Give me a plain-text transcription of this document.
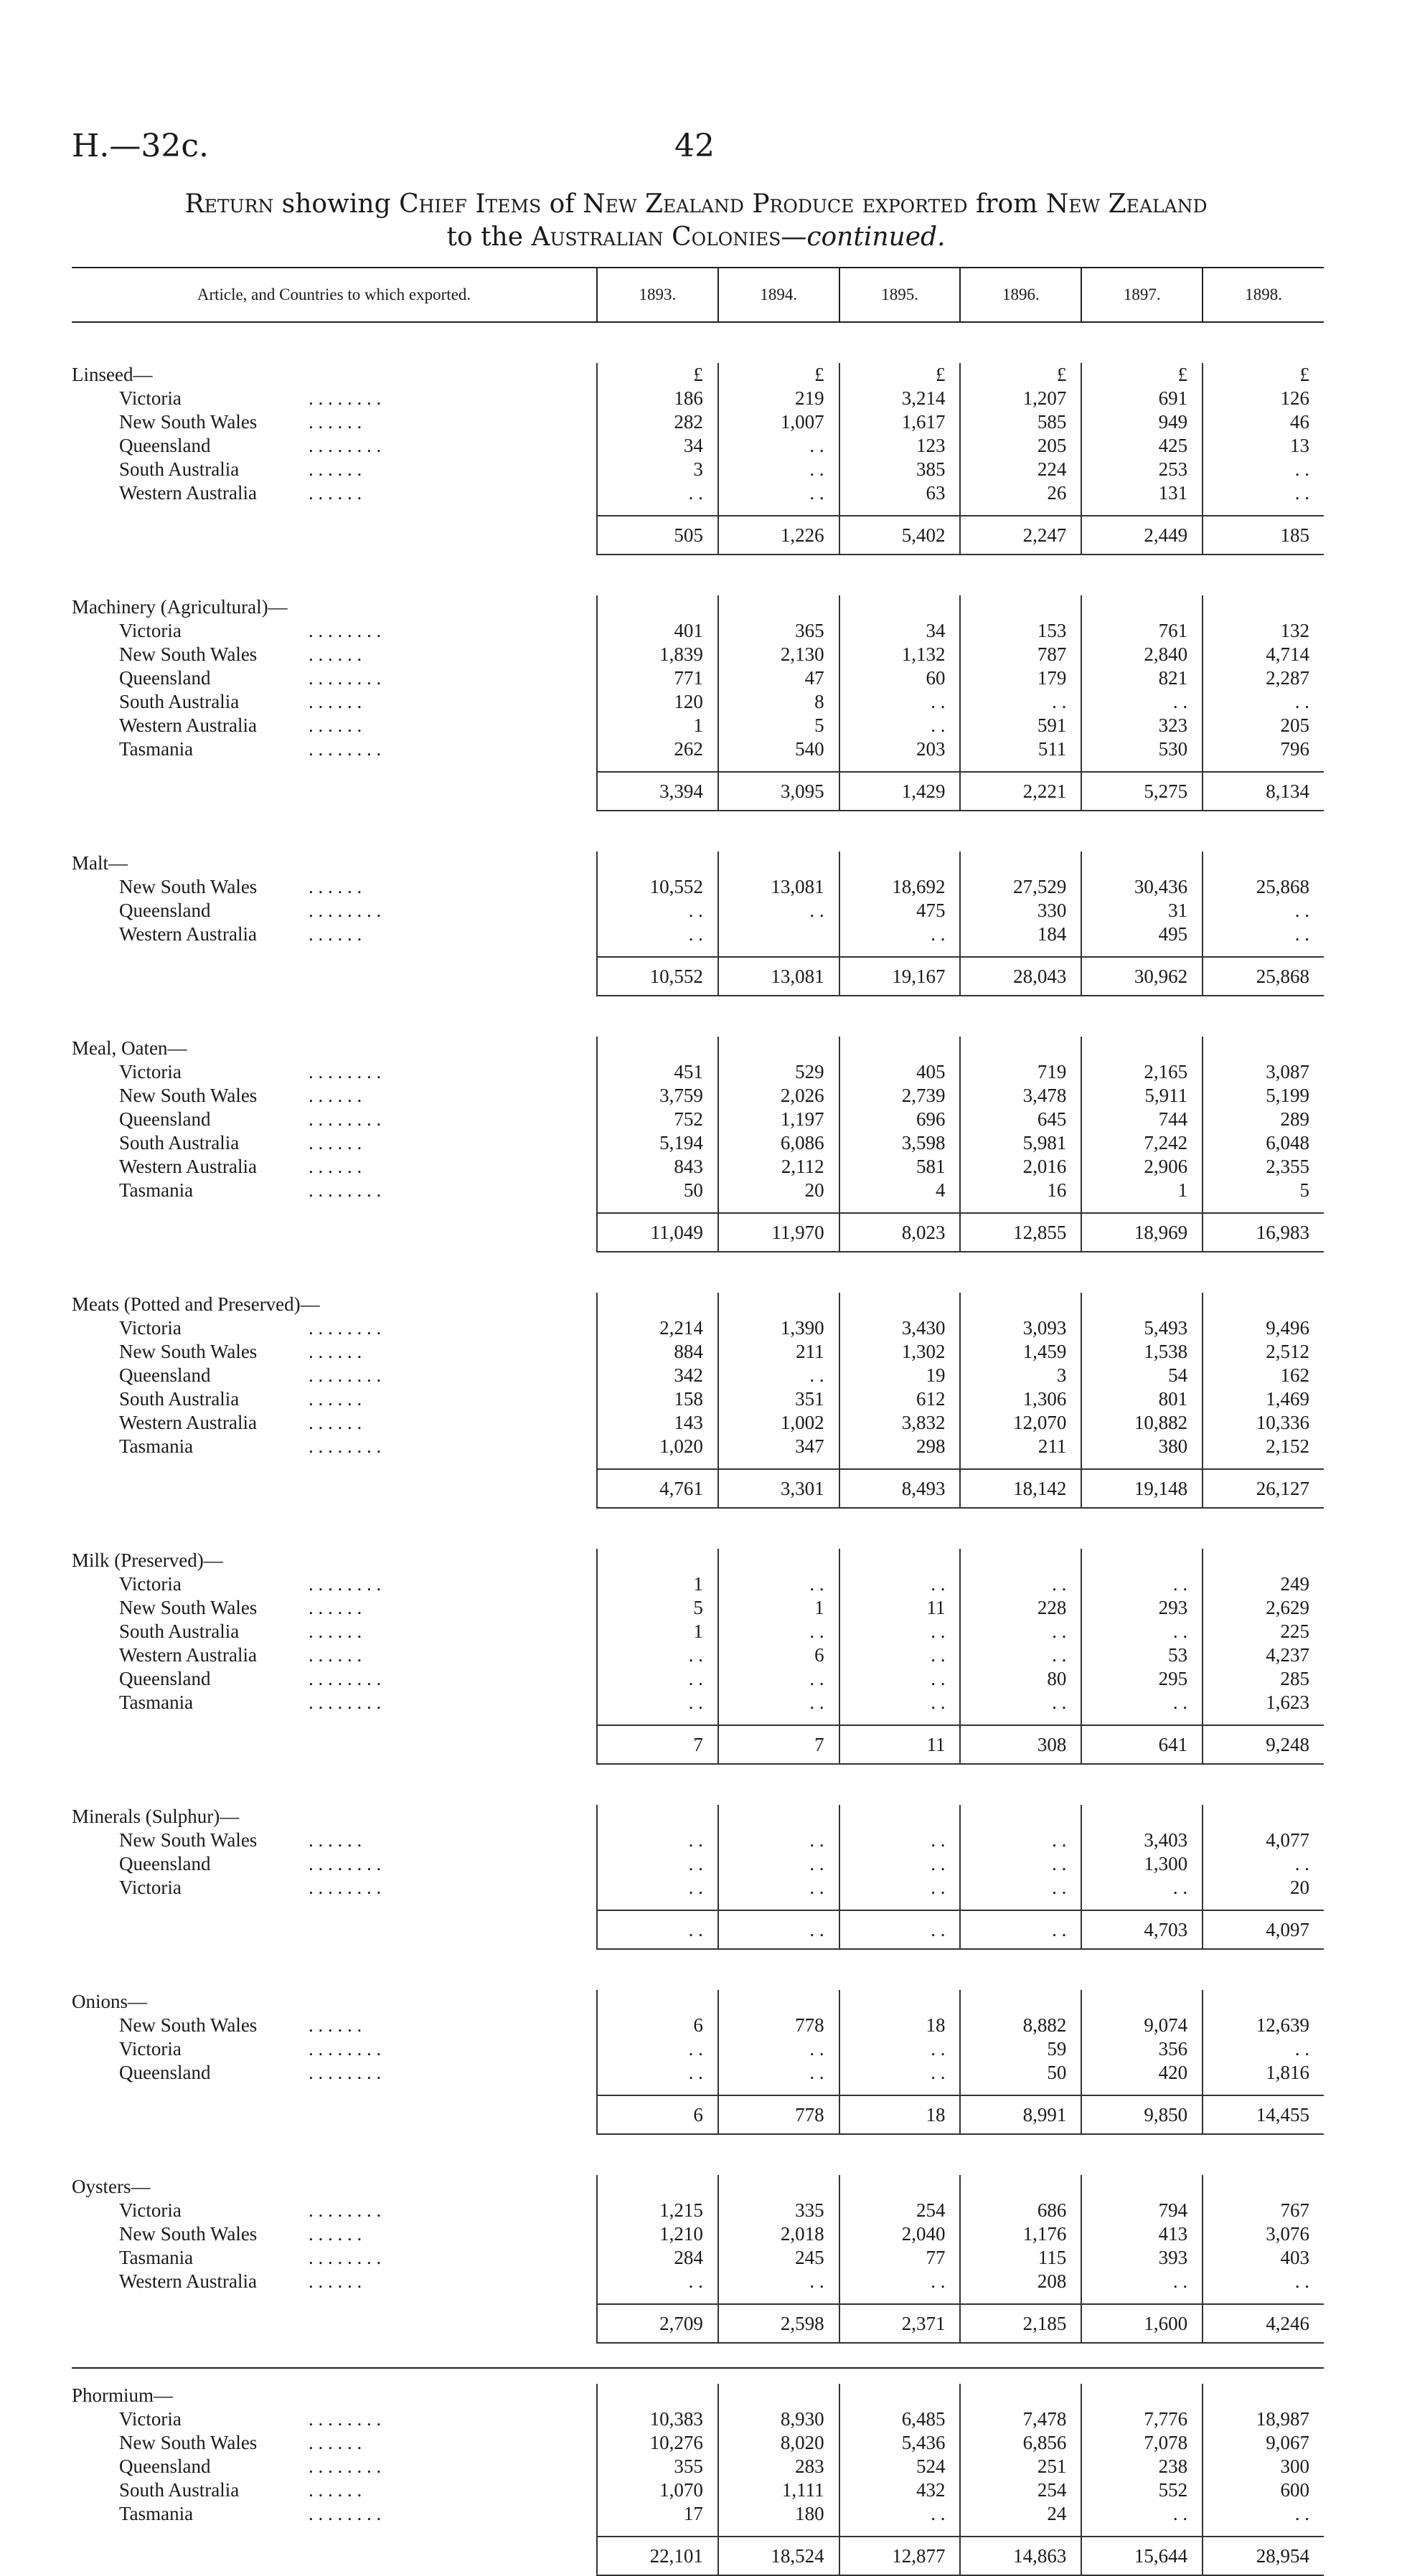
H.—32c.	42
Return showing Chief Items of New Zealand Produce exported from New Zealand
to the Australian Colonies—continued.
Article, and Countries to which exported.	1893.	1894.	1895.	1896.	1897.	1898.

Linseed—	£	£	£	£	£	£
Victoria . . . . . . . .	186	219	3,214	1,207	691	126
New South Wales . . . . . .	282	1,007	1,617	585	949	46
Queensland . . . . . . . .	34	. .	123	205	425	13
South Australia . . . . . .	3	. .	385	224	253	. .
Western Australia . . . . . .	. .	. .	63	26	131	. .

	505	1,226	5,402	2,247	2,449	185

Machinery (Agricultural)—						
Victoria . . . . . . . .	401	365	34	153	761	132
New South Wales . . . . . .	1,839	2,130	1,132	787	2,840	4,714
Queensland . . . . . . . .	771	47	60	179	821	2,287
South Australia . . . . . .	120	8	. .	. .	. .	. .
Western Australia . . . . . .	1	5	. .	591	323	205
Tasmania . . . . . . . .	262	540	203	511	530	796

	3,394	3,095	1,429	2,221	5,275	8,134

Malt—						
New South Wales . . . . . .	10,552	13,081	18,692	27,529	30,436	25,868
Queensland . . . . . . . .	. .	. .	475	330	31	. .
Western Australia . . . . . .	. .		. .	184	495	. .

	10,552	13,081	19,167	28,043	30,962	25,868

Meal, Oaten—						
Victoria . . . . . . . .	451	529	405	719	2,165	3,087
New South Wales . . . . . .	3,759	2,026	2,739	3,478	5,911	5,199
Queensland . . . . . . . .	752	1,197	696	645	744	289
South Australia . . . . . .	5,194	6,086	3,598	5,981	7,242	6,048
Western Australia . . . . . .	843	2,112	581	2,016	2,906	2,355
Tasmania . . . . . . . .	50	20	4	16	1	5

	11,049	11,970	8,023	12,855	18,969	16,983

Meats (Potted and Preserved)—						
Victoria . . . . . . . .	2,214	1,390	3,430	3,093	5,493	9,496
New South Wales . . . . . .	884	211	1,302	1,459	1,538	2,512
Queensland . . . . . . . .	342	. .	19	3	54	162
South Australia . . . . . .	158	351	612	1,306	801	1,469
Western Australia . . . . . .	143	1,002	3,832	12,070	10,882	10,336
Tasmania . . . . . . . .	1,020	347	298	211	380	2,152

	4,761	3,301	8,493	18,142	19,148	26,127

Milk (Preserved)—						
Victoria . . . . . . . .	1	. .	. .	. .	. .	249
New South Wales . . . . . .	5	1	11	228	293	2,629
South Australia . . . . . .	1	. .	. .	. .	. .	225
Western Australia . . . . . .	. .	6	. .	. .	53	4,237
Queensland . . . . . . . .	. .	. .	. .	80	295	285
Tasmania . . . . . . . .	. .	. .	. .	. .	. .	1,623

	7	7	11	308	641	9,248

Minerals (Sulphur)—						
New South Wales . . . . . .	. .	. .	. .	. .	3,403	4,077
Queensland . . . . . . . .	. .	. .	. .	. .	1,300	. .
Victoria . . . . . . . .	. .	. .	. .	. .	. .	20

	. .	. .	. .	. .	4,703	4,097

Onions—						
New South Wales . . . . . .	6	778	18	8,882	9,074	12,639
Victoria . . . . . . . .	. .	. .	. .	59	356	. .
Queensland . . . . . . . .	. .	. .	. .	50	420	1,816

	6	778	18	8,991	9,850	14,455

Oysters—						
Victoria . . . . . . . .	1,215	335	254	686	794	767
New South Wales . . . . . .	1,210	2,018	2,040	1,176	413	3,076
Tasmania . . . . . . . .	284	245	77	115	393	403
Western Australia . . . . . .	. .	. .	. .	208	. .	. .

	2,709	2,598	2,371	2,185	1,600	4,246

Phormium—						
Victoria . . . . . . . .	10,383	8,930	6,485	7,478	7,776	18,987
New South Wales . . . . . .	10,276	8,020	5,436	6,856	7,078	9,067
Queensland . . . . . . . .	355	283	524	251	238	300
South Australia . . . . . .	1,070	1,111	432	254	552	600
Tasmania . . . . . . . .	17	180	. .	24	. .	. .

	22,101	18,524	12,877	14,863	15,644	28,954
